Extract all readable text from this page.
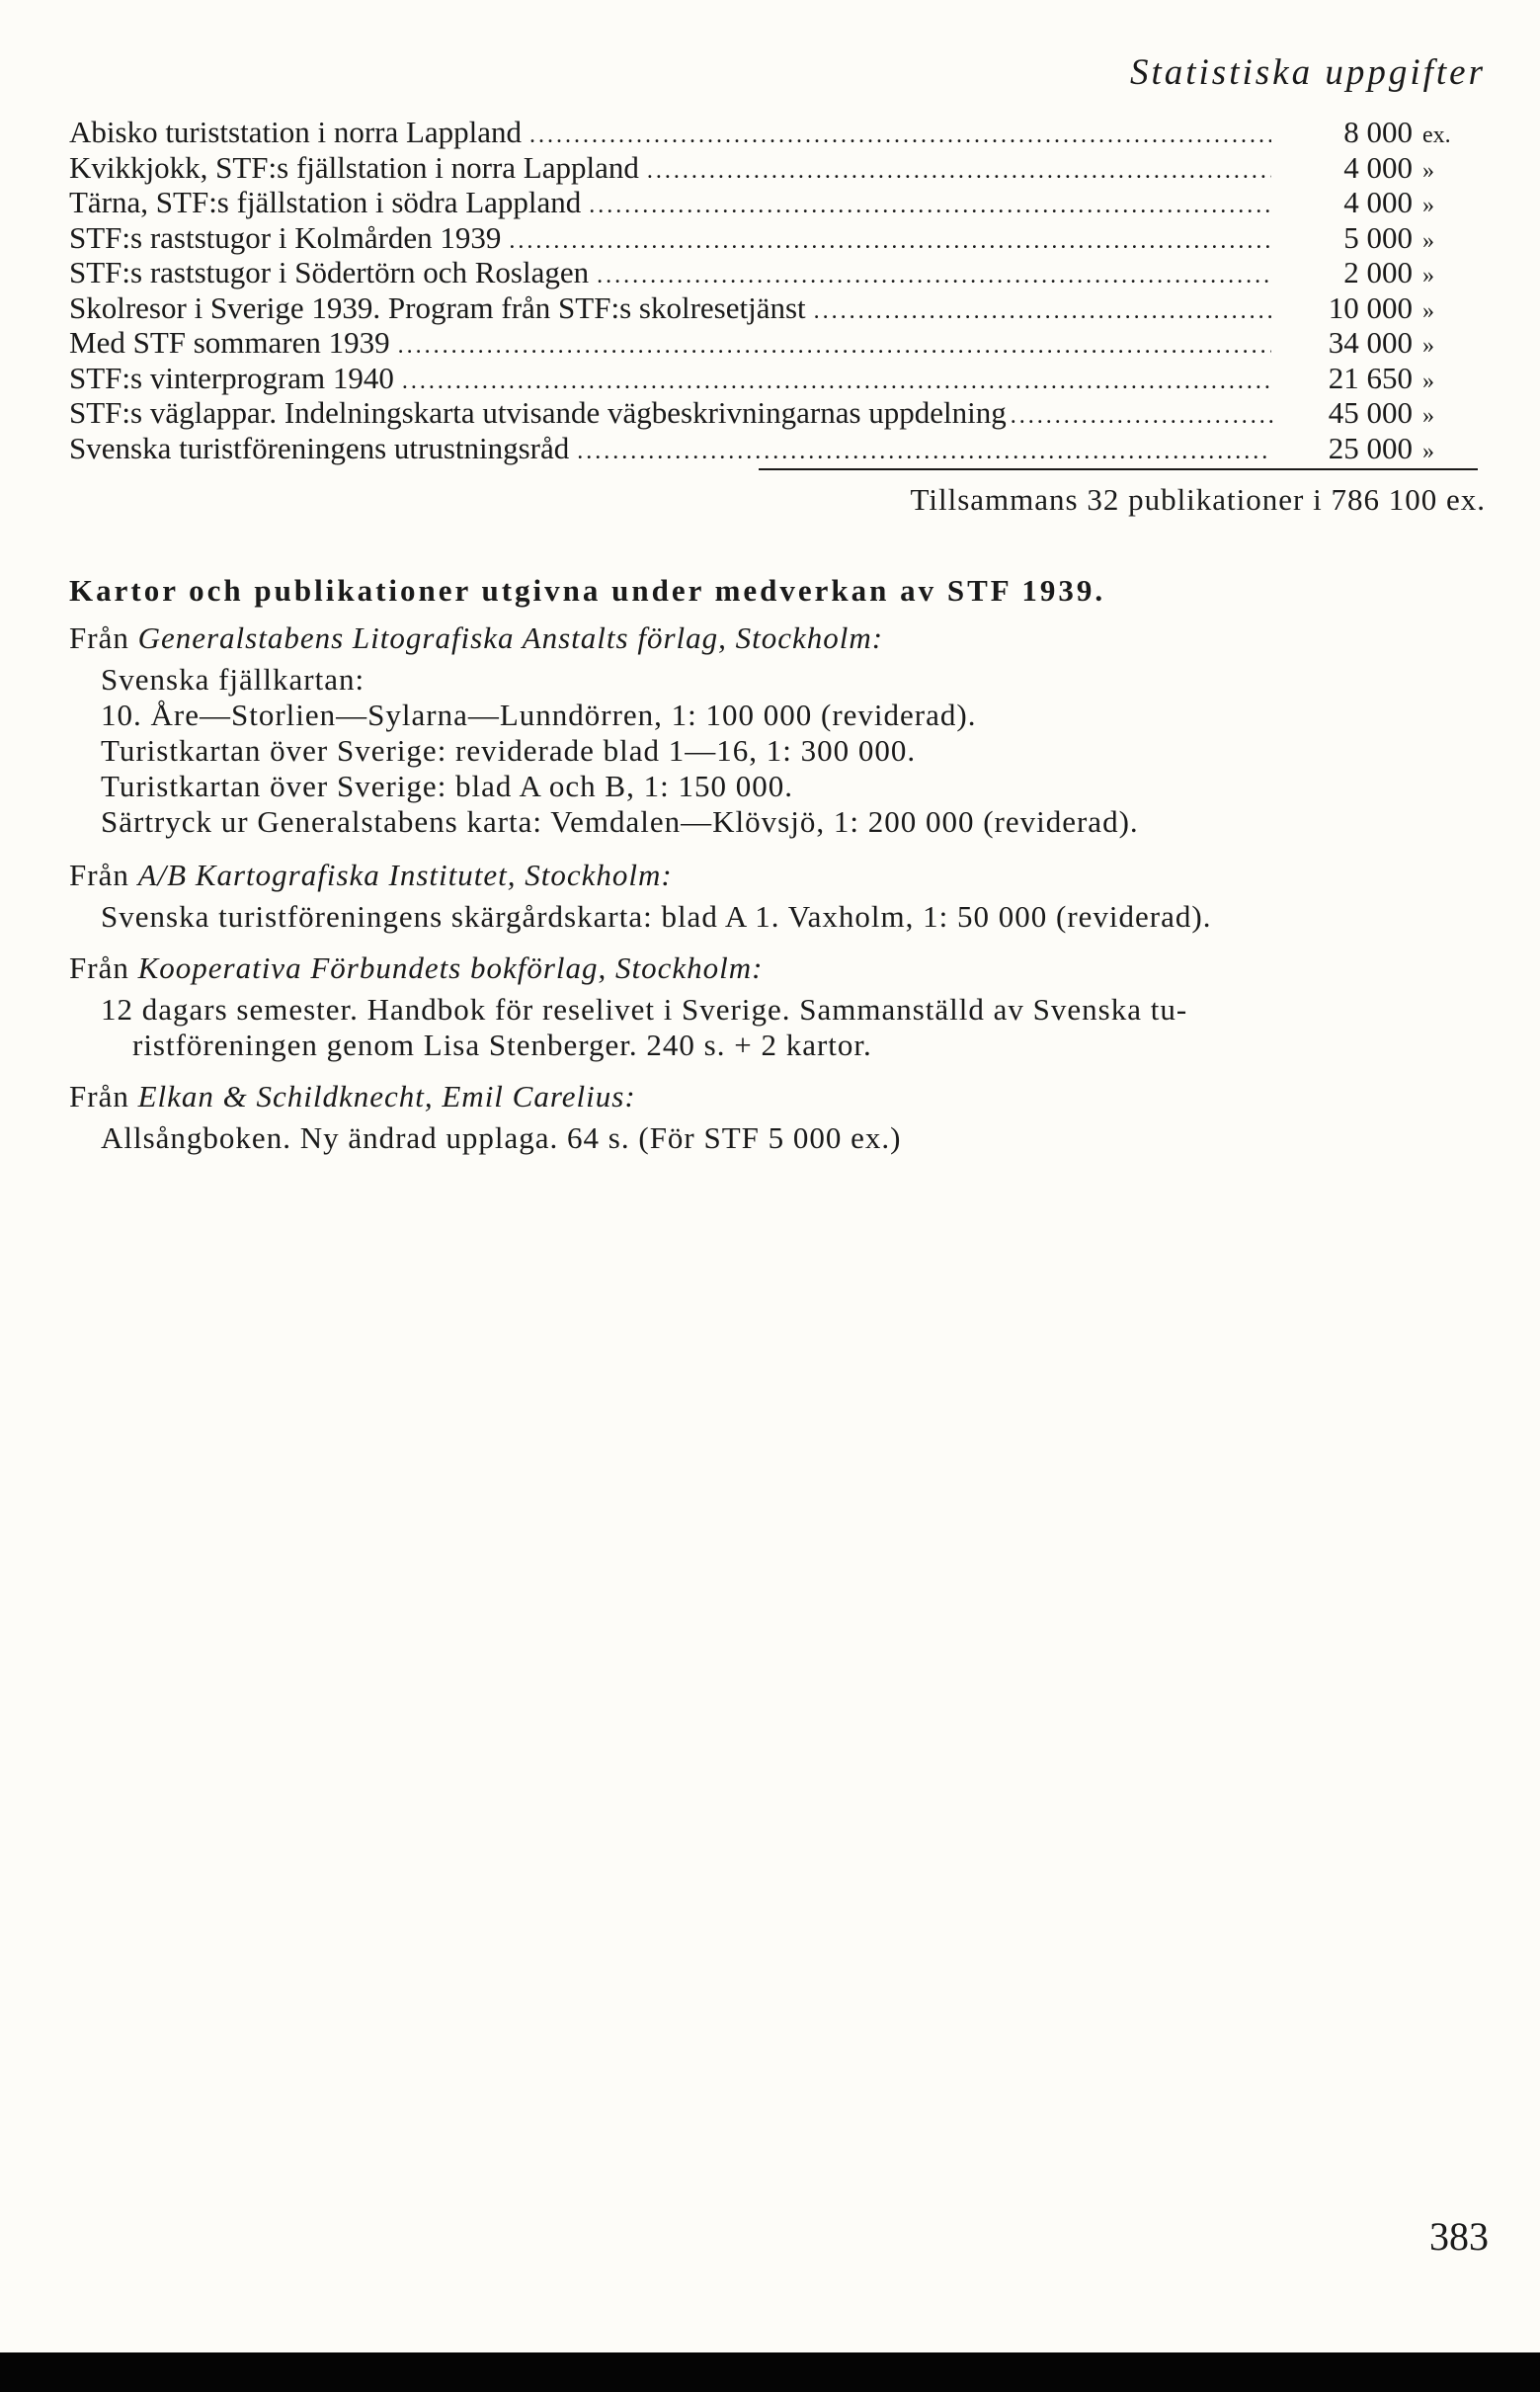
Statistiska uppgifter
Abisko turiststation i norra Lappland .....	8 000 ex.
Kvikkjokk, STF:s fjällstation i norra Lappland .....	4 000 »
Tärna, STF:s fjällstation i södra Lappland .....	4 000 »
STF:s raststugor i Kolmården 1939 .....	5 000 »
STF:s raststugor i Södertörn och Roslagen .....	2 000 »
Skolresor i Sverige 1939. Program från STF:s skolresetjänst .....	10 000 »
Med STF sommaren 1939 .....	34 000 »
STF:s vinterprogram 1940 .....	21 650 »
STF:s väglappar. Indelningskarta utvisande vägbeskrivningarnas uppdelning .....	45 000 »
Svenska turistföreningens utrustningsråd .....	25 000 »
Tillsammans 32 publikationer i 786 100 ex.
Kartor och publikationer utgivna under medverkan av STF 1939.
Från Generalstabens Litografiska Anstalts förlag, Stockholm:
Svenska fjällkartan:
10. Åre—Storlien—Sylarna—Lunndörren, 1: 100 000 (reviderad).
Turistkartan över Sverige: reviderade blad 1—16, 1: 300 000.
Turistkartan över Sverige: blad A och B, 1: 150 000.
Särtryck ur Generalstabens karta: Vemdalen—Klövsjö, 1: 200 000 (reviderad).
Från A/B Kartografiska Institutet, Stockholm:
Svenska turistföreningens skärgårdskarta: blad A 1. Vaxholm, 1: 50 000 (reviderad).
Från Kooperativa Förbundets bokförlag, Stockholm:
12 dagars semester. Handbok för reselivet i Sverige. Sammanställd av Svenska tu-
ristföreningen genom Lisa Stenberger. 240 s. + 2 kartor.
Från Elkan & Schildknecht, Emil Carelius:
Allsångboken. Ny ändrad upplaga. 64 s. (För STF 5 000 ex.)
383
